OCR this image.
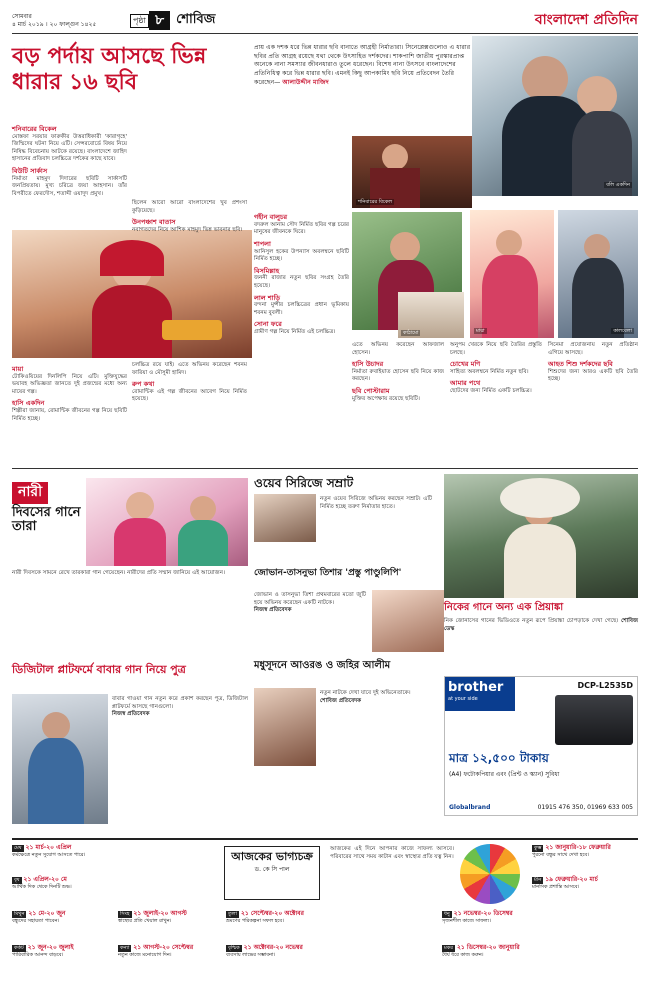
সোমবার
৪ মার্চ ২০১৯ । ২০ ফাল্গুন ১৪২৫	পৃষ্ঠা ৮ শোবিজ	বাংলাদেশ প্রতিদিন
বড় পর্দায় আসছে ভিন্ন ধারার ১৬ ছবি
প্রায় এক দশক ধরে ভিন্ন ধারার ছবি বানাতে আগ্রহী নির্মাতারা। সিনেপ্লেক্সগুলোও এ ধারার ছবির প্রতি আগ্রহ রয়েছে যথা থেকে উৎসাহিত দর্শকদের। শাকপাশি জাতীয় পুরস্কারপ্রাপ্ত অনেকে নানা সমস্যার জীবনধারাও তুলে ধরেছেন। বিশেষ নানা উৎসবে বাংলাদেশের প্রতিনিধিত্ব করে ভিন্ন ধারার ছবি। এমনই কিছু আপকামিং ছবি নিয়ে প্রতিবেদন তৈরি করেছেন— আলাউদ্দীন মাজিদ
বলি একদিন
শনিবারের বিকেল
শনিবারের বিকেল
মোস্তফা সরয়ার ফারুকীর উত্তরাধিকারী 'কারাগৃহে' জিম্মিদের ঘটনা নিয়ে এটি। সেন্সরবোর্ডে বিষয় নিয়ে নিষিদ্ধ বিবেচনায় আটকে রয়েছে। বাংলাদেশে জাহিদ হাসানের প্রতিবাদ চলচ্চিত্রে দর্শকের কাছে যাবে।
বিউটি সার্কাস
নির্মাতা মাহমুদ দিদারের ছবিটি সার্কাসটি জনপ্রিয়তায়। মুখ্য চরিত্রে জয়া আহসান। তাঁর বিপরীতে ফেরদৌস, শতাব্দী ওয়াদুদ প্রমুখ।
মায়া
টোকিওয়িয়ের দিনলিপি নিয়ে এটি। মুক্তিযুদ্ধের ভয়াবহ অভিজ্ঞতা জানতে দুই প্রজন্মের মধ্যে অন্য মায়ের গল্প।
হাসি একদিন
শিল্পীরা জানায়, রোমান্টিক জীবনের গল্প নিয়ে ছবিটি নির্মিত হচ্ছে।
ছিলেন আরো আরো বাংলাদেশের খুব প্রশংসা কুড়িয়েছে।
উনপঞ্চাশ বাতাস
নবাগতদের নিয়ে আশিক মাহমুদ ভিন্ন ভাবনার ছবি।
চলচ্চিত্র রয়ে যাই। এতে অভিনয় করেছেন শবনম ফারিয়া ও মৌসুমী হামিদ।
রুপ কথা
রোমান্টিক এই গল্প জীবনের আবেগ নিয়ে নির্মিত হয়েছে।
গহীন বালুচর
বদরুল আনাম সৌদ নির্মিত ছবির গল্প চরের মানুষের জীবনকে ঘিরে।
শাপলা
আনিসুল হকের উপন্যাস অবলম্বনে ছবিটি নির্মিত হচ্ছে।
বিসমিল্লাহ
জননী রাজার নতুন ছবির সংগ্রহ তৈরি হয়েছে।
লাল শাড়ি
বন্দনা মুন্সীর চলচ্চিত্রের প্রধান ভূমিকায় শবনম বুবলী।
সোনা ফরে
গ্রামীণ গল্প নিয়ে নির্মিত এই চলচ্চিত্র।	কাঠামো	মায়া	কালবেলা
এতে অভিনয় করেছেন আফজাল হোসেন।
হাসি উচাদর
নির্মাতা রুবাইয়াত হোসেন ছবি নিয়ে কাজ করছেন।
ছবি পোস্টারাম
মুক্তির অপেক্ষায় রয়েছে ছবিটি।
অনুপম খেরকে নিয়ে ছবি তৈরির প্রস্তুতি চলছে।
চোখের মণি
সাহিত্য অবলম্বনে নির্মিত নতুন ছবি।
আমার পথে
ছোটদের জন্য নির্মিত একটি চলচ্চিত্র।
সিনেমা প্রযোজনায় নতুন প্রতিষ্ঠান এগিয়ে আসছে।
আহত শিশু দর্শকদের ছবি
শিশুদের জন্য আরও একটি ছবি তৈরি হচ্ছে।
নারী
দিবসের গানে তারা
নারী দিবসকে সামনে রেখে তারকারা গান গেয়েছেন। নারীদের প্রতি সম্মান জানিয়ে এই আয়োজন।
ওয়েব সিরিজে সম্রাট
নতুন ওয়েব সিরিজে অভিনয় করছেন সম্রাট। এটি নির্মিত হচ্ছে তরুণ নির্মাতার হাতে।
জোভান-তাসনুভা তিশার 'প্রস্তু পাণ্ডুলিপি'
জোভান ও তাসনুভা তিশা প্রথমবারের মতো জুটি হয়ে অভিনয় করেছেন একটি নাটকে।
নিজস্ব প্রতিবেদক	নিকের গানে অন্য এক প্রিয়াঙ্কা
নিক জোনাসের গানের ভিডিওতে নতুন রূপে প্রিয়াঙ্কা চোপড়াকে দেখা গেছে। শোবিজ ডেস্ক
ডিজিটাল প্লাটফর্মে বাবার গান নিয়ে পুত্র
বাবার গাওয়া গান নতুন করে প্রকাশ করছেন পুত্র, ডিজিটাল প্লাটফর্মে আসছে গানগুলো।
নিজস্ব প্রতিবেদক
মধুসূদনে আওরঙ ও জহির আলীম
নতুন নাটকে দেখা যাবে দুই অভিনেতাকে।
শোবিজ প্রতিবেদক
brother
at your side
DCP-L2535D
মাত্র ১২,৫০০ টাকায়
(A4) ফটোকপিয়ার এবং (প্রিন্ট ও স্ক্যান) সুবিধা
Globalbrand	01915 476 350, 01969 633 005
আজকের ভাগ্যচক্র
ড. কে সি পাল
আজকের এই দিনে আপনার কাজে সাফল্য আসবে। পরিবারের সাথে সময় কাটান এবং স্বাস্থ্যের প্রতি যত্ন নিন।
মেষ ২১ মার্চ-২০ এপ্রিল
কর্মক্ষেত্রে নতুন সুযোগ আসতে পারে।
বৃষ ২১ এপ্রিল-২০ মে
আর্থিক দিক থেকে দিনটি শুভ।
মিথুন ২১ মে-২০ জুন
বন্ধুদের সহায়তা পাবেন।
কর্কট ২১ জুন-২০ জুলাই
পারিবারিক আনন্দ বাড়বে।
সিংহ ২১ জুলাই-২০ আগস্ট
স্বাস্থ্যের প্রতি খেয়াল রাখুন।
কন্যা ২১ আগস্ট-২০ সেপ্টেম্বর
নতুন কাজে মনোযোগ দিন।
তুলা ২১ সেপ্টেম্বর-২০ অক্টোবর
ভ্রমণের পরিকল্পনা সফল হবে।
বৃশ্চিক ২১ অক্টোবর-২০ নভেম্বর
ব্যবসায় লাভের সম্ভাবনা।
ধনু ২১ নভেম্বর-২০ ডিসেম্বর
সৃজনশীল কাজে সাফল্য।
মকর ২১ ডিসেম্বর-২০ জানুয়ারি
ধৈর্য ধরে কাজ করুন।
কুম্ভ ২১ জানুয়ারি-১৮ ফেব্রুয়ারি
পুরনো বন্ধুর সাথে দেখা হবে।
মীন ১৯ ফেব্রুয়ারি-২০ মার্চ
মানসিক প্রশান্তি আসবে।
